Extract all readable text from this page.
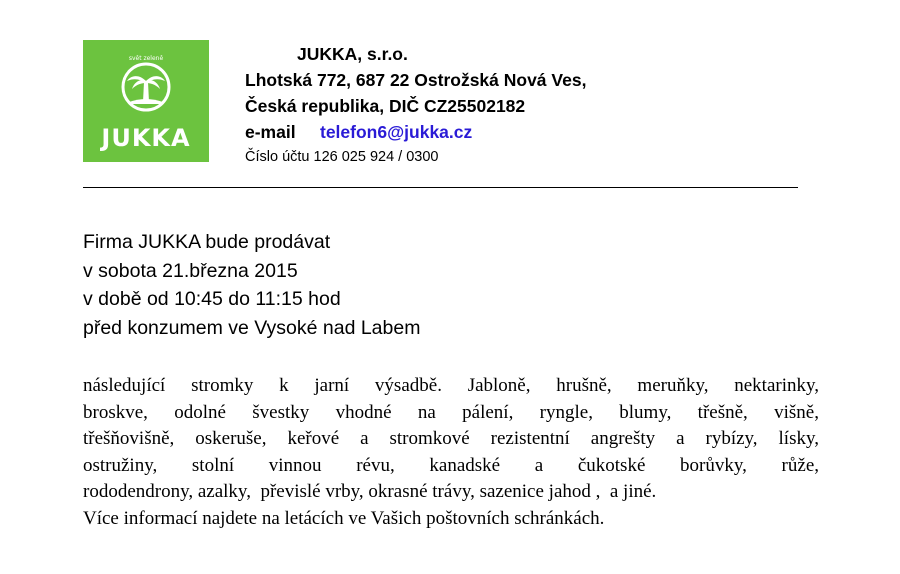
svět zeleně
JUKKA
JUKKA, s.r.o.
Lhotská 772, 687 22 Ostrožská Nová Ves,
Česká republika, DIČ CZ25502182
e-mail telefon6@jukka.cz
Číslo účtu 126 025 924 / 0300
Firma JUKKA bude prodávat
v sobota 21.března 2015
v době od 10:45 do 11:15 hod
před konzumem ve Vysoké nad Labem
následující stromky k jarní výsadbě. Jabloně, hrušně, meruňky, nektarinky,
broskve, odolné švestky vhodné na pálení, ryngle, blumy, třešně, višně,
třešňovišně, oskeruše, keřové a stromkové rezistentní angrešty a rybízy, lísky,
ostružiny, stolní vinnou révu, kanadské a čukotské borůvky, růže,
rododendrony, azalky,  převislé vrby, okrasné trávy, sazenice jahod ,  a jiné.
Více informací najdete na letácích ve Vašich poštovních schránkách.
